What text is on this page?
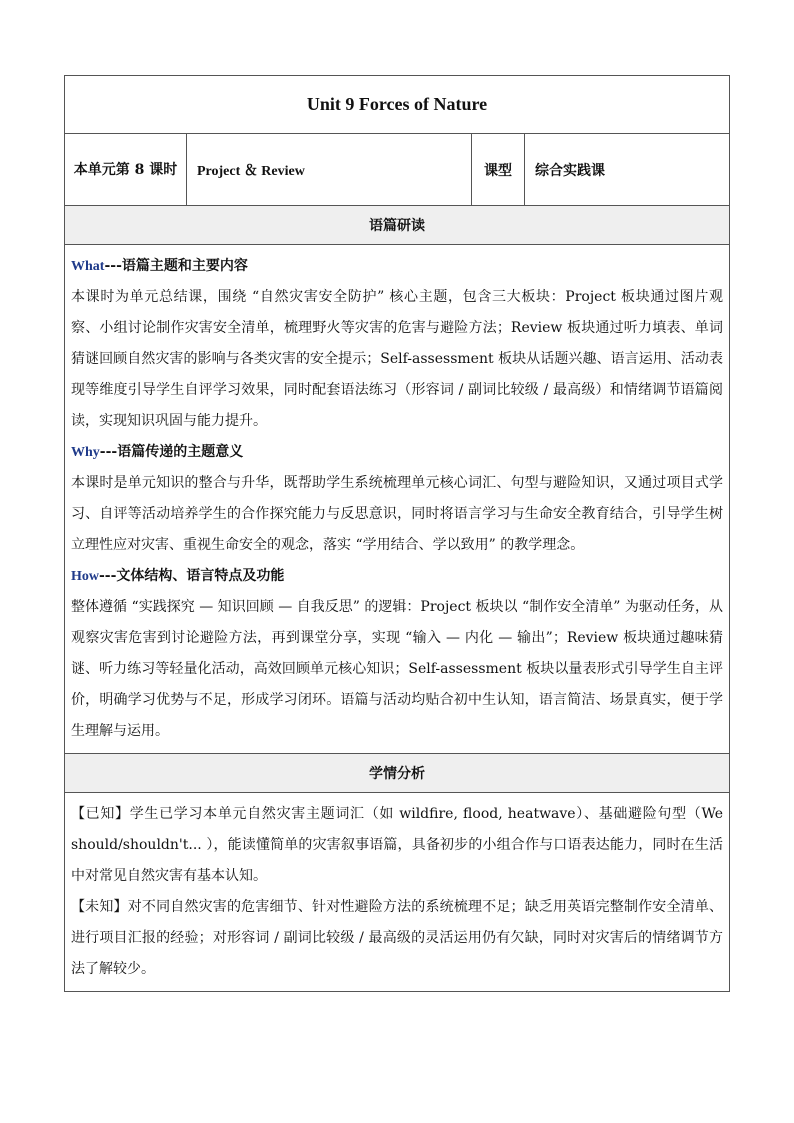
Unit 9 Forces of Nature
本单元第 8 课时	Project ＆ Review	课型	综合实践课
语篇研读

What---语篇主题和主要内容

本课时为单元总结课，围绕 “自然灾害安全防护” 核心主题，包含三大板块：Project 板块通过图片观察、小组讨论制作灾害安全清单，梳理野火等灾害的危害与避险方法；Review 板块通过听力填表、单词猜谜回顾自然灾害的影响与各类灾害的安全提示；Self-assessment 板块从话题兴趣、语言运用、活动表现等维度引导学生自评学习效果，同时配套语法练习（形容词 / 副词比较级 / 最高级）和情绪调节语篇阅读，实现知识巩固与能力提升。

Why---语篇传递的主题意义

本课时是单元知识的整合与升华，既帮助学生系统梳理单元核心词汇、句型与避险知识，又通过项目式学习、自评等活动培养学生的合作探究能力与反思意识，同时将语言学习与生命安全教育结合，引导学生树立理性应对灾害、重视生命安全的观念，落实 “学用结合、学以致用” 的教学理念。

How---文体结构、语言特点及功能

整体遵循 “实践探究 — 知识回顾 — 自我反思” 的逻辑：Project 板块以 “制作安全清单” 为驱动任务，从观察灾害危害到讨论避险方法，再到课堂分享，实现 “输入 — 内化 — 输出”；Review 板块通过趣味猜谜、听力练习等轻量化活动，高效回顾单元核心知识；Self-assessment 板块以量表形式引导学生自主评价，明确学习优势与不足，形成学习闭环。语篇与活动均贴合初中生认知，语言简洁、场景真实，便于学生理解与运用。

学情分析

【已知】学生已学习本单元自然灾害主题词汇（如 wildfire, flood, heatwave）、基础避险句型（We should/shouldn't... ），能读懂简单的灾害叙事语篇，具备初步的小组合作与口语表达能力，同时在生活中对常见自然灾害有基本认知。

【未知】对不同自然灾害的危害细节、针对性避险方法的系统梳理不足；缺乏用英语完整制作安全清单、进行项目汇报的经验；对形容词 / 副词比较级 / 最高级的灵活运用仍有欠缺，同时对灾害后的情绪调节方法了解较少。
